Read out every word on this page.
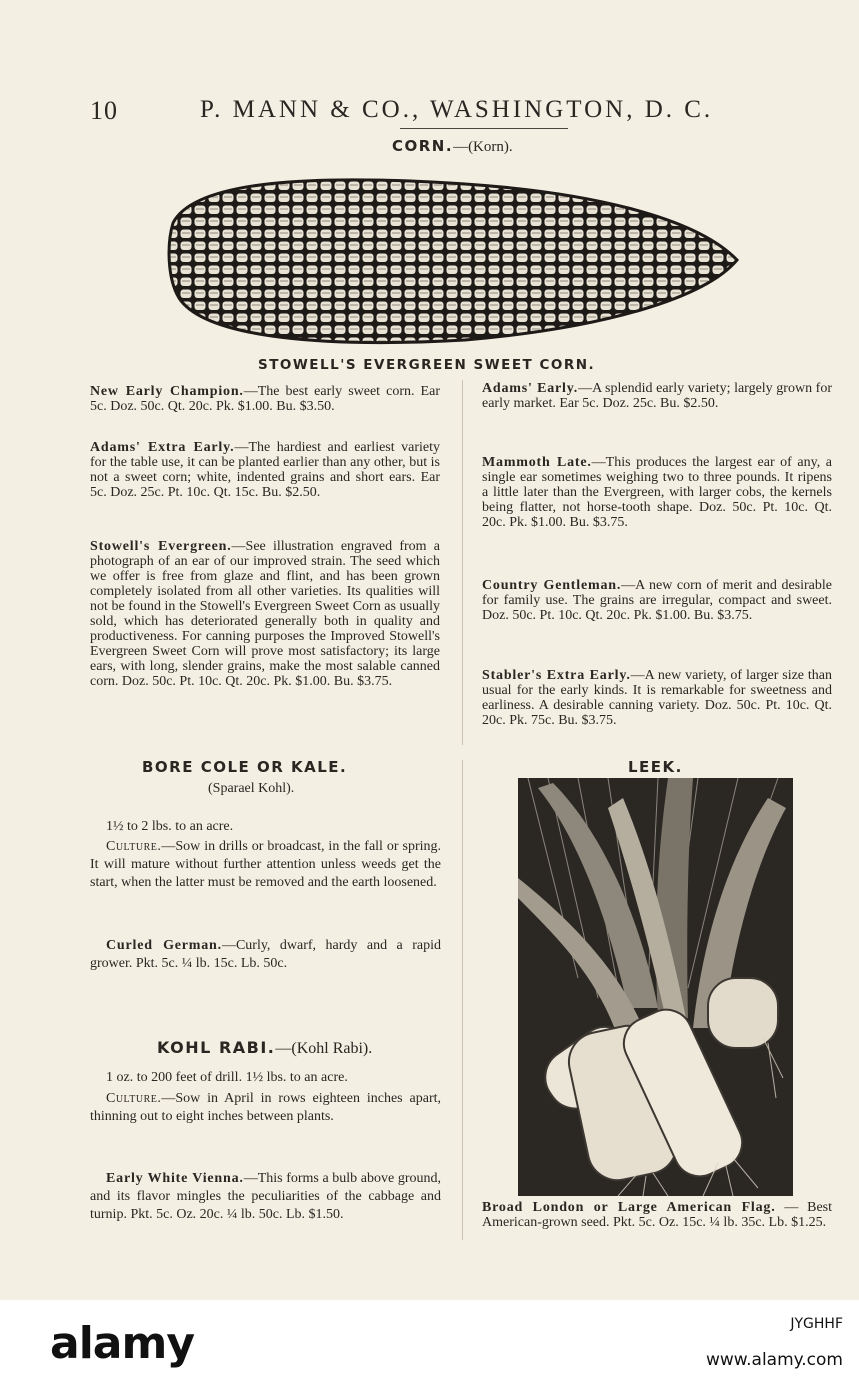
10	P. MANN & CO., WASHINGTON, D. C.
CORN.—(Korn).
STOWELL'S EVERGREEN SWEET CORN.
New Early Champion.—The best early sweet corn. Ear 5c. Doz. 50c. Qt. 20c. Pk. $1.00. Bu. $3.50.
Adams' Extra Early.—The hardiest and earliest variety for the table use, it can be planted earlier than any other, but is not a sweet corn; white, indented grains and short ears. Ear 5c. Doz. 25c. Pt. 10c. Qt. 15c. Bu. $2.50.
Stowell's Evergreen.—See illustration engraved from a photograph of an ear of our improved strain. The seed which we offer is free from glaze and flint, and has been grown completely isolated from all other varieties. Its qualities will not be found in the Stowell's Evergreen Sweet Corn as usually sold, which has deteriorated generally both in quality and productiveness. For canning purposes the Improved Stowell's Evergreen Sweet Corn will prove most satisfactory; its large ears, with long, slender grains, make the most salable canned corn. Doz. 50c. Pt. 10c. Qt. 20c. Pk. $1.00. Bu. $3.75.
Adams' Early.—A splendid early variety; largely grown for early market. Ear 5c. Doz. 25c. Bu. $2.50.
Mammoth Late.—This produces the largest ear of any, a single ear sometimes weighing two to three pounds. It ripens a little later than the Evergreen, with larger cobs, the kernels being flatter, not horse-tooth shape. Doz. 50c. Pt. 10c. Qt. 20c. Pk. $1.00. Bu. $3.75.
Country Gentleman.—A new corn of merit and desirable for family use. The grains are irregular, compact and sweet. Doz. 50c. Pt. 10c. Qt. 20c. Pk. $1.00. Bu. $3.75.
Stabler's Extra Early.—A new variety, of larger size than usual for the early kinds. It is remarkable for sweetness and earliness. A desirable canning variety. Doz. 50c. Pt. 10c. Qt. 20c. Pk. 75c. Bu. $3.75.
BORE COLE OR KALE.
(Sparael Kohl).
1½ to 2 lbs. to an acre.
Culture.—Sow in drills or broadcast, in the fall or spring. It will mature without further attention unless weeds get the start, when the latter must be removed and the earth loosened.
Curled German.—Curly, dwarf, hardy and a rapid grower. Pkt. 5c. ¼ lb. 15c. Lb. 50c.
KOHL RABI.—(Kohl Rabi).
1 oz. to 200 feet of drill. 1½ lbs. to an acre.
Culture.—Sow in April in rows eighteen inches apart, thinning out to eight inches between plants.
Early White Vienna.—This forms a bulb above ground, and its flavor mingles the peculiarities of the cabbage and turnip. Pkt. 5c. Oz. 20c. ¼ lb. 50c. Lb. $1.50.
LEEK.
Broad London or Large American Flag. — Best American-grown seed. Pkt. 5c. Oz. 15c. ¼ lb. 35c. Lb. $1.25.
alamy	JYGHHF
www.alamy.com
